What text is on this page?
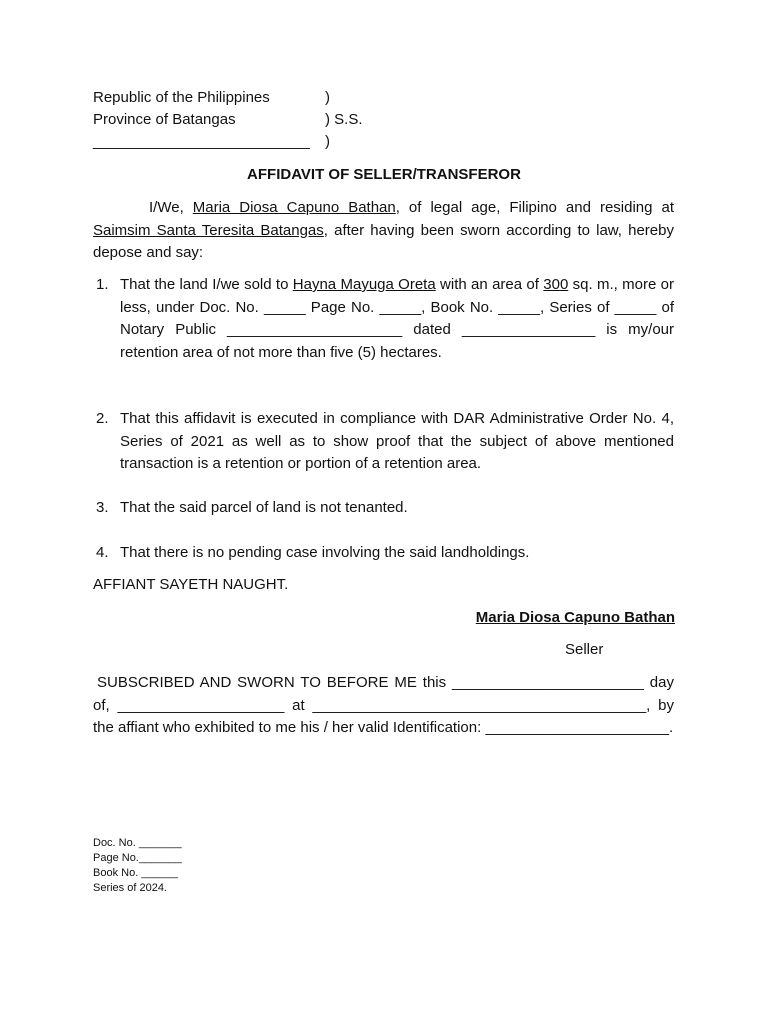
Republic of the Philippines
Province of Batangas
__________________________
)
) S.S.
)
AFFIDAVIT OF SELLER/TRANSFEROR
I/We, Maria Diosa Capuno Bathan, of legal age, Filipino and residing at Saimsim Santa Teresita Batangas, after having been sworn according to law, hereby depose and say:
1. That the land I/we sold to Hayna Mayuga Oreta with an area of 300 sq. m., more or less, under Doc. No. _____ Page No. _____, Book No. _____, Series of _____ of Notary Public _____________________ dated ________________ is my/our retention area of not more than five (5) hectares.
2. That this affidavit is executed in compliance with DAR Administrative Order No. 4, Series of 2021 as well as to show proof that the subject of above mentioned transaction is a retention or portion of a retention area.
3. That the said parcel of land is not tenanted.
4. That there is no pending case involving the said landholdings.
AFFIANT SAYETH NAUGHT.
Maria Diosa Capuno Bathan
Seller
SUBSCRIBED AND SWORN TO BEFORE ME this _______________________ day of, ____________________ at ________________________________________, by the affiant who exhibited to me his / her valid Identification: ______________________.
Doc. No. _______
Page No._______
Book No. ______
Series of 2024.
